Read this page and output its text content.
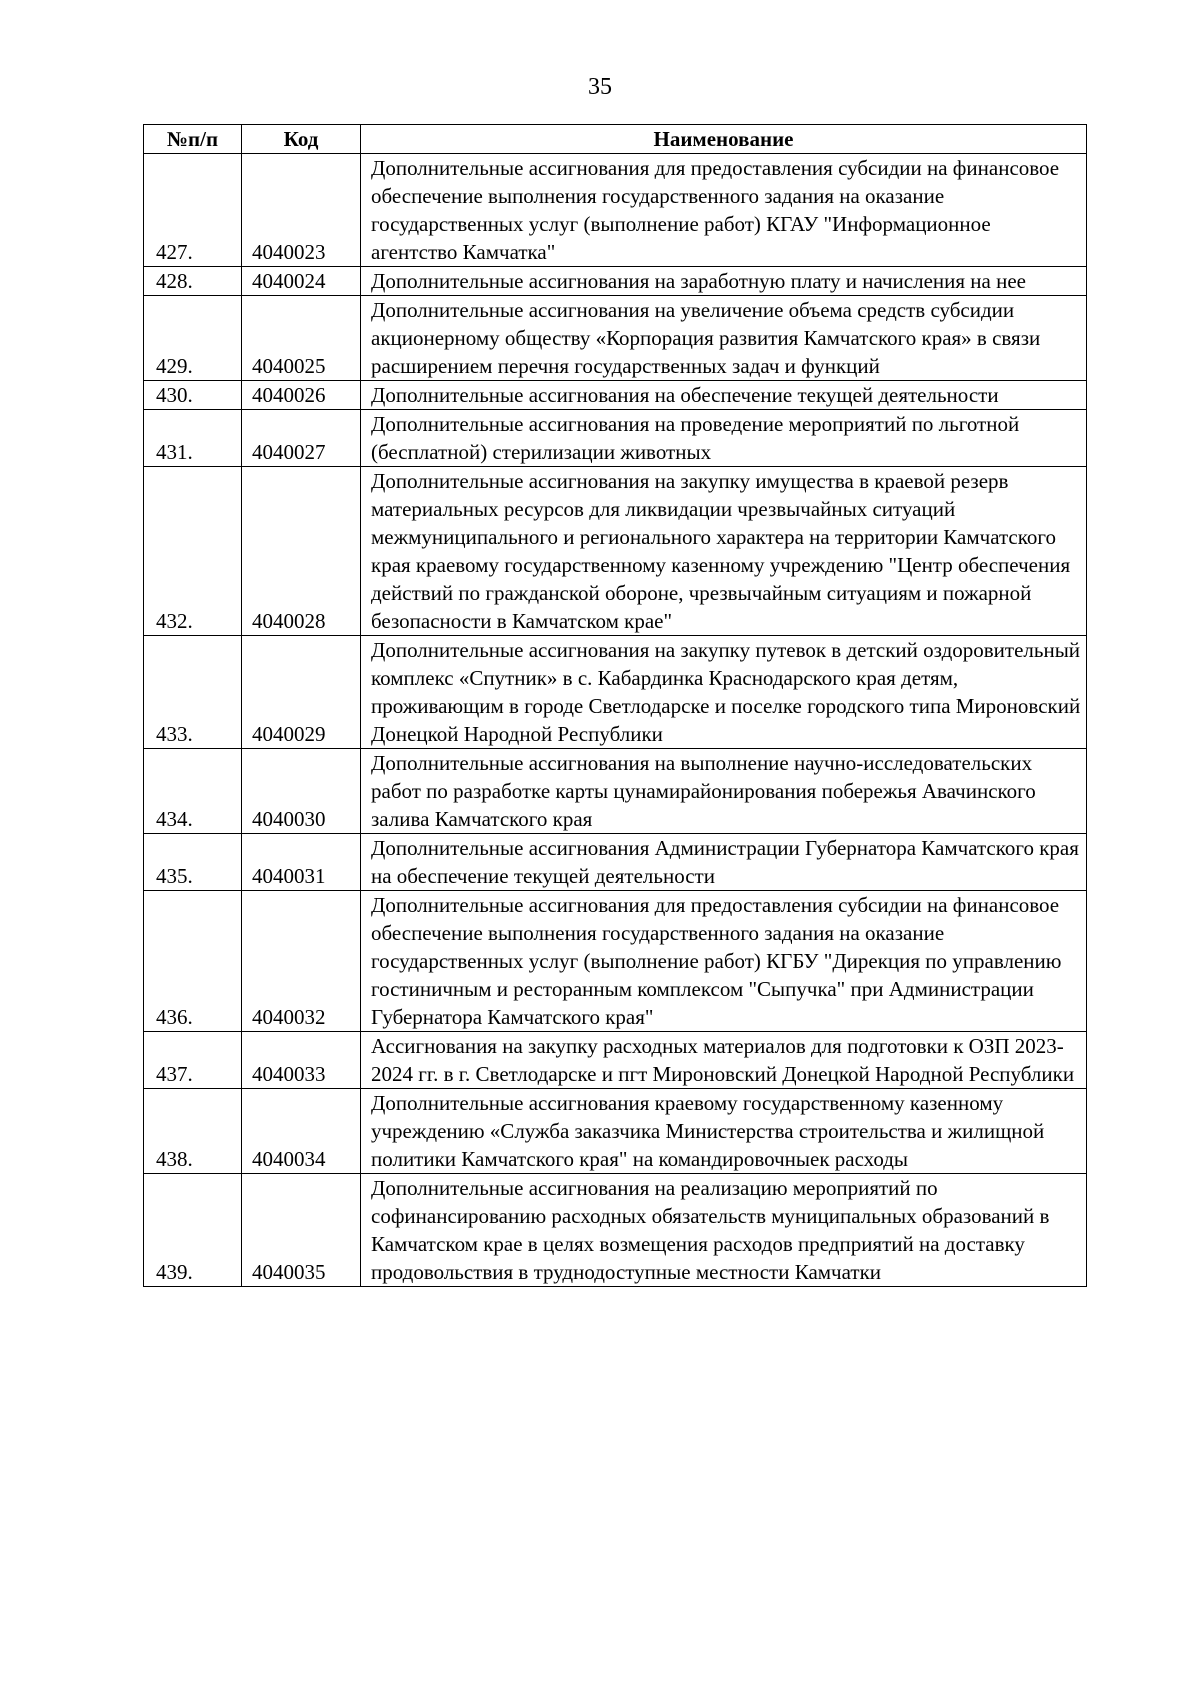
35
№п/п	Код	Наименование
427.	4040023	Дополнительные ассигнования для предоставления субсидии на финансовое обеспечение выполнения государственного задания на оказание государственных услуг (выполнение работ) КГАУ "Информационное агентство Камчатка"
428.	4040024	Дополнительные ассигнования на заработную плату и начисления на нее
429.	4040025	Дополнительные ассигнования на увеличение объема средств субсидии акционерному обществу «Корпорация развития Камчатского края» в связи расширением перечня государственных задач и функций
430.	4040026	Дополнительные ассигнования на обеспечение текущей деятельности
431.	4040027	Дополнительные ассигнования на проведение мероприятий по льготной (бесплатной) стерилизации животных
432.	4040028	Дополнительные ассигнования на закупку имущества в краевой резерв материальных ресурсов для ликвидации чрезвычайных ситуаций межмуниципального и регионального характера на территории Камчатского края краевому государственному казенному учреждению "Центр обеспечения действий по гражданской обороне, чрезвычайным ситуациям и пожарной безопасности в Камчатском крае"
433.	4040029	Дополнительные ассигнования на закупку путевок в детский оздоровительный комплекс «Спутник» в с. Кабардинка Краснодарского края детям, проживающим в городе Светлодарске и поселке городского типа Мироновский Донецкой Народной Республики
434.	4040030	Дополнительные ассигнования на выполнение научно-исследовательских работ по разработке карты цунамирайонирования побережья Авачинского залива Камчатского края
435.	4040031	Дополнительные ассигнования Администрации Губернатора Камчатского края на обеспечение текущей деятельности
436.	4040032	Дополнительные ассигнования для предоставления субсидии на финансовое обеспечение выполнения государственного задания на оказание государственных услуг (выполнение работ) КГБУ "Дирекция по управлению гостиничным и ресторанным комплексом "Сыпучка" при Администрации Губернатора Камчатского края"
437.	4040033	Ассигнования на закупку расходных материалов для подготовки к ОЗП 2023-2024 гг. в г. Светлодарске и пгт Мироновский Донецкой Народной Республики
438.	4040034	Дополнительные ассигнования краевому государственному казенному учреждению «Служба заказчика Министерства строительства и жилищной политики Камчатского края" на командировочныек расходы
439.	4040035	Дополнительные ассигнования на реализацию мероприятий по софинансированию расходных обязательств муниципальных образований в Камчатском крае в целях возмещения расходов предприятий на доставку продовольствия в труднодоступные местности Камчатки
